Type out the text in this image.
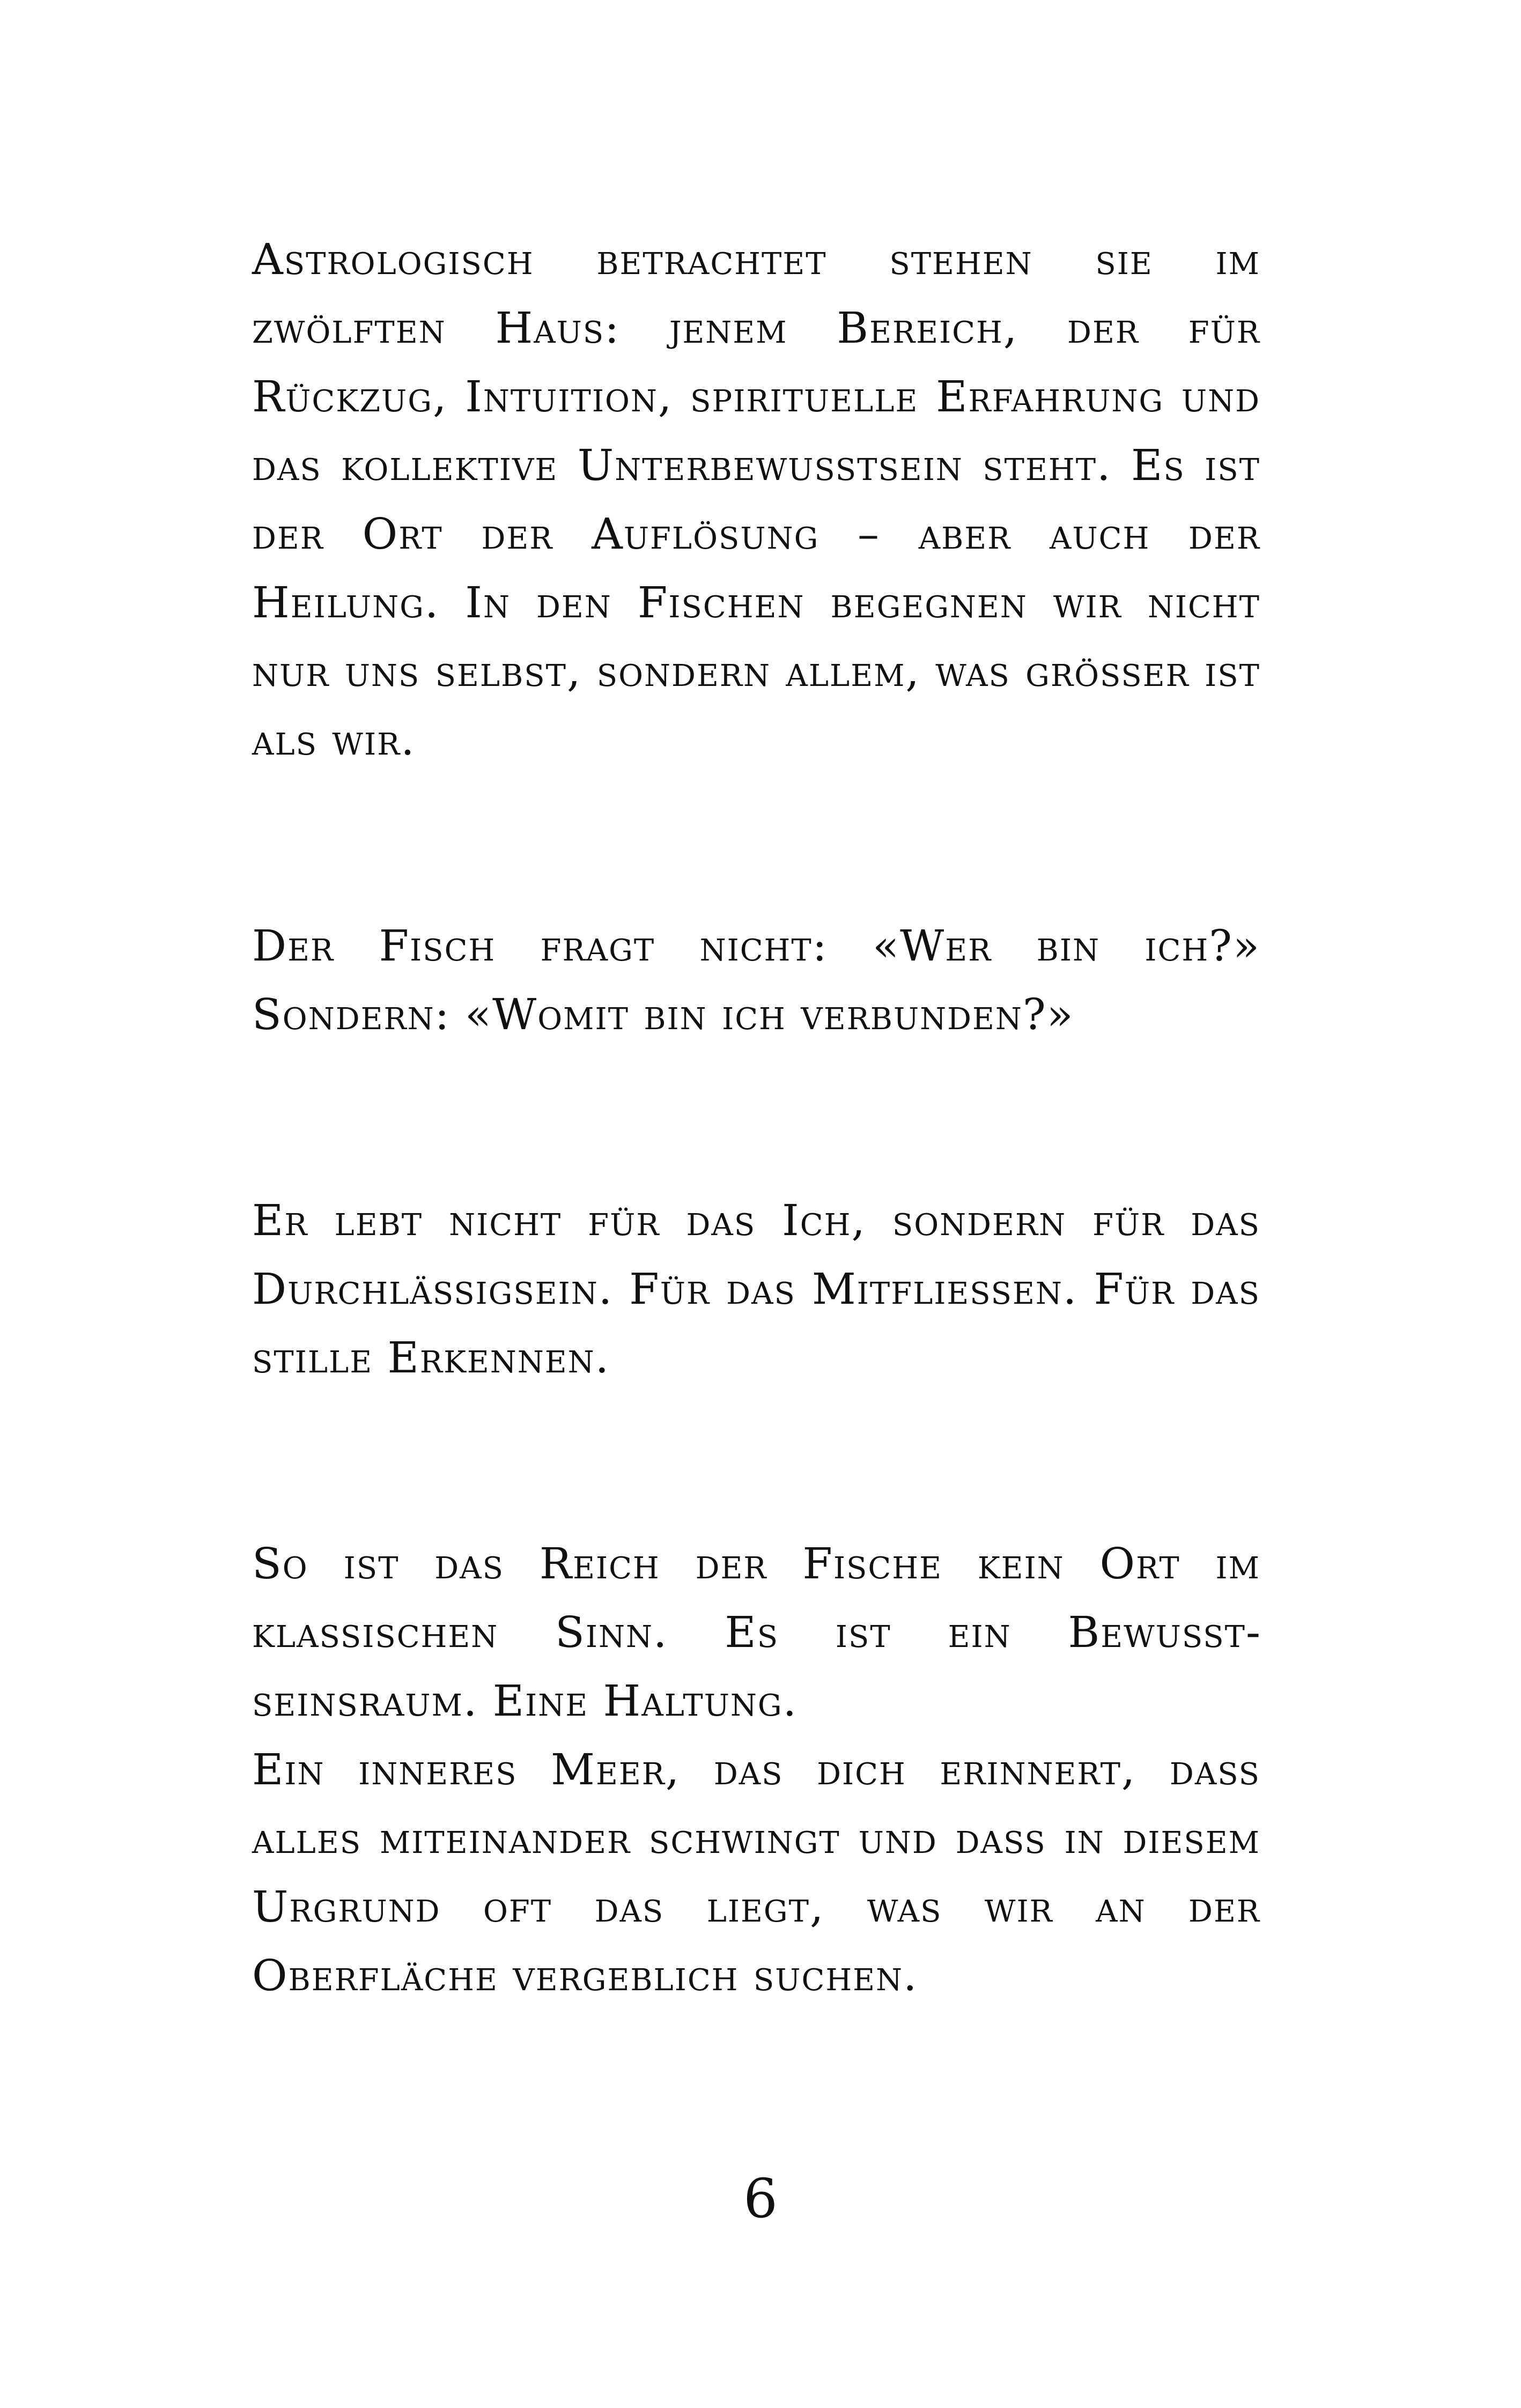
Astrologisch betrachtet stehen sie im zwölften Haus: jenem Bereich, der für Rückzug, Intuition, spirituelle Erfahrung und das kollektive Unterbewusstsein steht. Es ist der Ort der Auflösung – aber auch der Heilung. In den Fischen begegnen wir nicht nur uns selbst, sondern allem, was grösser ist als wir.

Der Fisch fragt nicht: «Wer bin ich?» Sondern: «Womit bin ich verbunden?»

Er lebt nicht für das Ich, sondern für das Durchlässigsein. Für das Mitfliessen. Für das stille Erkennen.

So ist das Reich der Fische kein Ort im klassischen Sinn. Es ist ein Bewusstseinsraum. Eine Haltung.

Ein inneres Meer, das dich erinnert, dass alles miteinander schwingt und dass in diesem Urgrund oft das liegt, was wir an der Oberfläche vergeblich suchen.

6
